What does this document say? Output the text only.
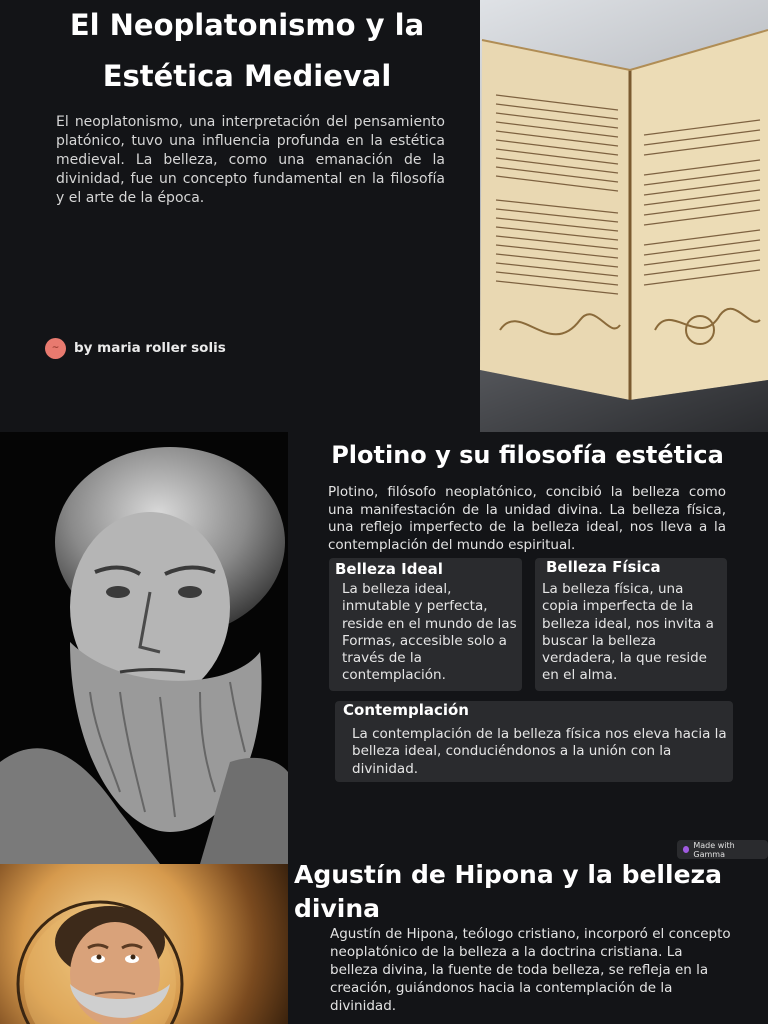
El Neoplatonismo y la Estética Medieval

El neoplatonismo, una interpretación del pensamiento platónico, tuvo una influencia profunda en la estética medieval. La belleza, como una emanación de la divinidad, fue un concepto fundamental en la filosofía y el arte de la época.

~	by maria roller solis
Plotino y su filosofía estética

Plotino, filósofo neoplatónico, concibió la belleza como una manifestación de la unidad divina. La belleza física, una reflejo imperfecto de la belleza ideal, nos lleva a la contemplación del mundo espiritual.

Belleza Ideal

La belleza ideal, inmutable y perfecta, reside en el mundo de las Formas, accesible solo a través de la contemplación.

Belleza Física

La belleza física, una copia imperfecta de la belleza ideal, nos invita a buscar la belleza verdadera, la que reside en el alma.

Contemplación

La contemplación de la belleza física nos eleva hacia la belleza ideal, conduciéndonos a la unión con la divinidad.

Made with Gamma
Agustín de Hipona y la belleza divina

Agustín de Hipona, teólogo cristiano, incorporó el concepto neoplatónico de la belleza a la doctrina cristiana. La belleza divina, la fuente de toda belleza, se refleja en la creación, guiándonos hacia la contemplación de la divinidad.
